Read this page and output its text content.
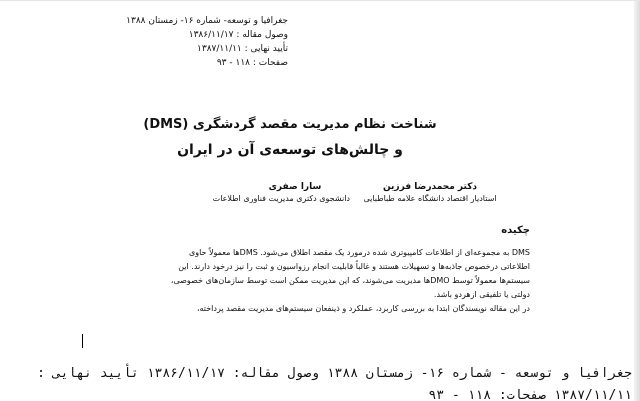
جغرافیا و توسعه- شماره ۱۶- زمستان ۱۳۸۸
وصول مقاله : ۱۳۸۶/۱۱/۱۷
تأیید نهایی : ۱۳۸۷/۱۱/۱۱
صفحات : ۱۱۸ - ۹۳
شناخت نظام مدیریت مقصد گردشگری (DMS)
و چالش‌های توسعه‌ی آن در ایران
دکتر محمدرضا فرزین
استادیار اقتصاد دانشگاه علامه طباطبایی
سارا صفری
دانشجوی دکتری مدیریت فناوری اطلاعات
چکیده
DMS به مجموعه‌ای از اطلاعات کامپیوتری شده درمورد یک مقصد اطلاق می‌شود. DMSها معمولاً حاوی
اطلاعاتی درخصوص جاذبه‌ها و تسهیلات هستند و غالباً قابلیت انجام رزواسیون و ثبت را نیز درخود دارند. این
سیستم‌ها معمولاً توسط DMOها مدیریت می‌شوند، که این مدیریت ممکن است توسط سازمان‌های خصوصی،
دولتی یا تلفیقی ازهردو باشد.
در این مقاله نویسندگان ابتدا به بررسی کاربرد، عملکرد و ذینفعان سیستم‌های مدیریت مقصد پرداخته،
جغرافیا و توسعه - شماره ۱۶- زمستان ۱۳۸۸ وصول مقاله: ۱۳۸۶/۱۱/۱۷ تأیید نهایی :
۱۳۸۷/۱۱/۱۱ صفحات: ۱۱۸ - ۹۳
